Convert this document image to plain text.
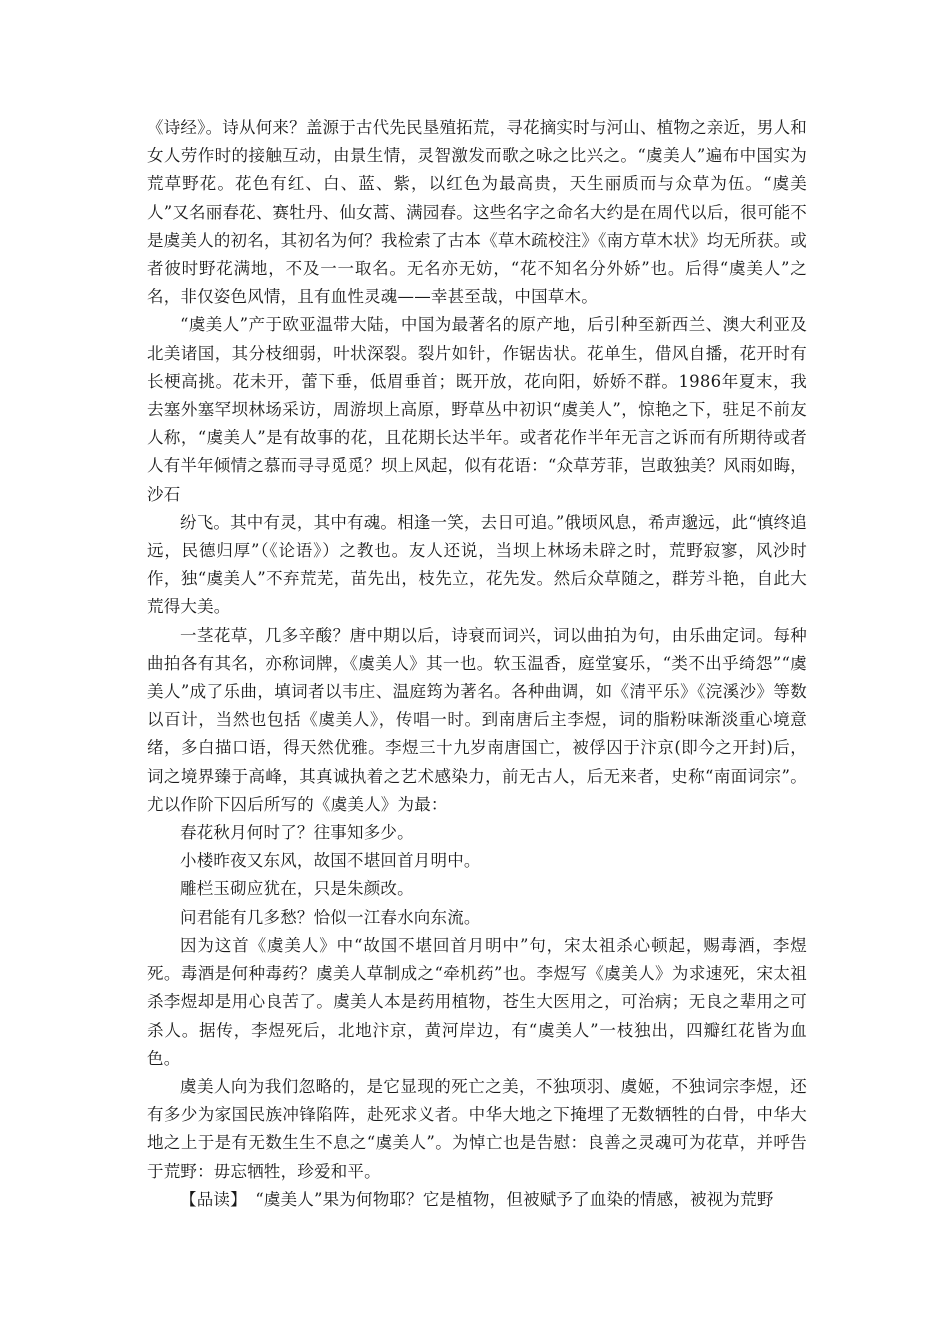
《诗经》。诗从何来？盖源于古代先民垦殖拓荒，寻花摘实时与河山、植物之亲近，男人和女人劳作时的接触互动，由景生情，灵智激发而歌之咏之比兴之。“虞美人”遍布中国实为荒草野花。花色有红、白、蓝、紫，以红色为最高贵，天生丽质而与众草为伍。“虞美人”又名丽春花、赛牡丹、仙女蒿、满园春。这些名字之命名大约是在周代以后，很可能不是虞美人的初名，其初名为何？我检索了古本《草木疏校注》《南方草木状》均无所获。或者彼时野花满地，不及一一取名。无名亦无妨，“花不知名分外娇”也。后得“虞美人”之名，非仅姿色风情，且有血性灵魂——幸甚至哉，中国草木。

“虞美人”产于欧亚温带大陆，中国为最著名的原产地，后引种至新西兰、澳大利亚及北美诸国，其分枝细弱，叶状深裂。裂片如针，作锯齿状。花单生，借风自播，花开时有长梗高挑。花未开，蕾下垂，低眉垂首；既开放，花向阳，娇娇不群。1986年夏末，我去塞外塞罕坝林场采访，周游坝上高原，野草丛中初识“虞美人”，惊艳之下，驻足不前友人称，“虞美人”是有故事的花，且花期长达半年。或者花作半年无言之诉而有所期待或者人有半年倾情之慕而寻寻觅觅？坝上风起，似有花语：“众草芳菲，岂敢独美？风雨如晦，沙石

纷飞。其中有灵，其中有魂。相逢一笑，去日可追。”俄顷风息，希声邈远，此“慎终追远，民德归厚”（《论语》）之教也。友人还说，当坝上林场未辟之时，荒野寂寥，风沙时作，独“虞美人”不弃荒芜，苗先出，枝先立，花先发。然后众草随之，群芳斗艳，自此大荒得大美。

一茎花草，几多辛酸？唐中期以后，诗衰而词兴，词以曲拍为句，由乐曲定词。每种曲拍各有其名，亦称词牌，《虞美人》其一也。软玉温香，庭堂宴乐，“类不出乎绮怨”“虞美人”成了乐曲，填词者以韦庄、温庭筠为著名。各种曲调，如《清平乐》《浣溪沙》等数以百计，当然也包括《虞美人》，传唱一时。到南唐后主李煜，词的脂粉味渐淡重心境意绪，多白描口语，得天然优雅。李煜三十九岁南唐国亡，被俘囚于汴京(即今之开封)后，词之境界臻于高峰，其真诚执着之艺术感染力，前无古人，后无来者，史称“南面词宗”。尤以作阶下囚后所写的《虞美人》为最：

春花秋月何时了？往事知多少。

小楼昨夜又东风，故国不堪回首月明中。

雕栏玉砌应犹在，只是朱颜改。

问君能有几多愁？恰似一江春水向东流。

因为这首《虞美人》中“故国不堪回首月明中”句，宋太祖杀心顿起，赐毒酒，李煜死。毒酒是何种毒药？虞美人草制成之“牵机药”也。李煜写《虞美人》为求速死，宋太祖杀李煜却是用心良苦了。虞美人本是药用植物，苍生大医用之，可治病；无良之辈用之可杀人。据传，李煜死后，北地汴京，黄河岸边，有“虞美人”一枝独出，四瓣红花皆为血色。

虞美人向为我们忽略的，是它显现的死亡之美，不独项羽、虞姬，不独词宗李煜，还有多少为家国民族冲锋陷阵，赴死求义者。中华大地之下掩埋了无数牺牲的白骨，中华大地之上于是有无数生生不息之“虞美人”。为悼亡也是告慰：良善之灵魂可为花草，并呼告于荒野：毋忘牺牲，珍爱和平。

【品读】　 “虞美人”果为何物耶？它是植物，但被赋予了血染的情感，被视为荒野
